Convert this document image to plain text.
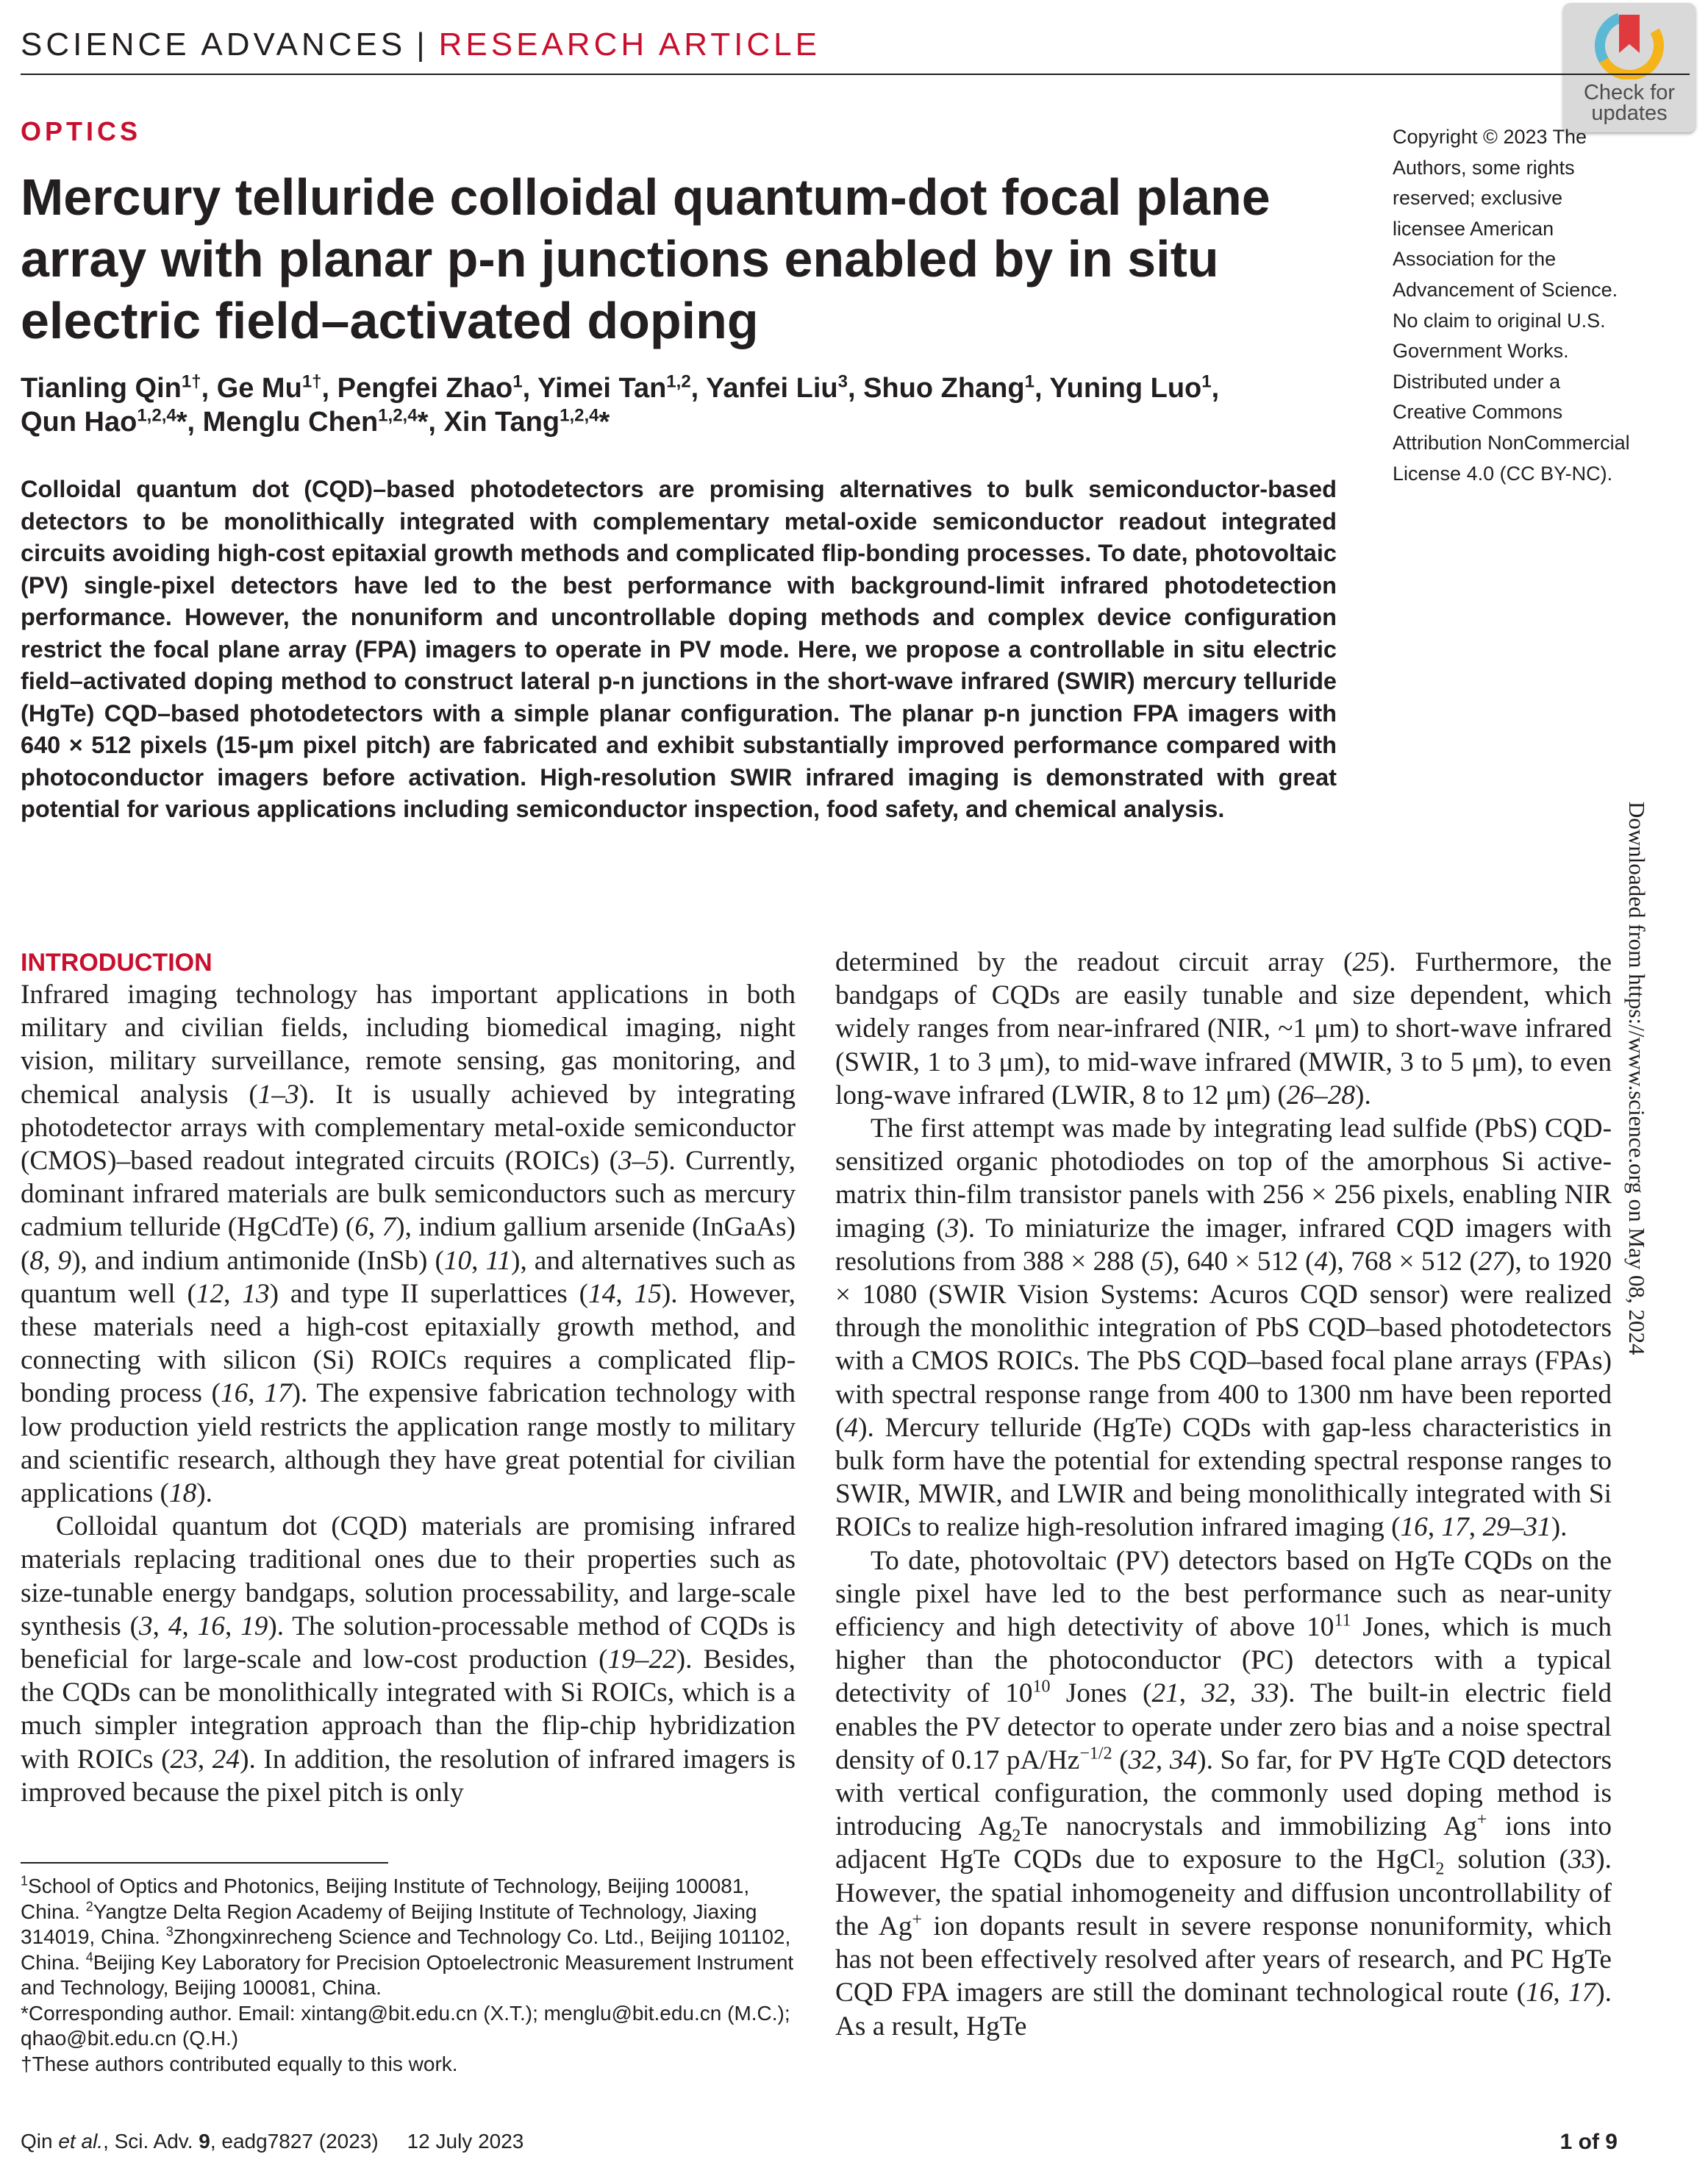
SCIENCE ADVANCES | RESEARCH ARTICLE
Check for
updates
OPTICS
Mercury telluride colloidal quantum-dot focal plane array with planar p-n junctions enabled by in situ electric field–activated doping
Tianling Qin$^{1\dagger}$, Ge $Mu^{1\dagger}$, Pengfei Zhao$^1$, Yimei Tan$^{1,2}$, Yanfei Liu$^3$, Shuo Zhang$^1$, Yuning Luo$^1$,
Qun Hao$^{1,2,4}$*, Menglu Chen$^{1,2,4}$*, Xin Tang$^{1,2,4}$*
Copyright © 2023 The Authors, some rights reserved; exclusive licensee American Association for the Advancement of Science. No claim to original U.S. Government Works. Distributed under a Creative Commons Attribution NonCommercial License 4.0 (CC BY-NC).
Colloidal quantum dot (CQD)–based photodetectors are promising alternatives to bulk semiconductor-based detectors to be monolithically integrated with complementary metal-oxide semiconductor readout integrated circuits avoiding high-cost epitaxial growth methods and complicated flip-bonding processes. To date, photovoltaic (PV) single-pixel detectors have led to the best performance with background-limit infrared photodetection performance. However, the nonuniform and uncontrollable doping methods and complex device configuration restrict the focal plane array (FPA) imagers to operate in PV mode. Here, we propose a controllable in situ electric field–activated doping method to construct lateral p-n junctions in the short-wave infrared (SWIR) mercury telluride (HgTe) CQD–based photodetectors with a simple planar configuration. The planar p-n junction FPA imagers with 640 × 512 pixels (15-μm pixel pitch) are fabricated and exhibit substantially improved performance compared with photoconductor imagers before activation. High-resolution SWIR infrared imaging is demonstrated with great potential for various applications including semiconductor inspection, food safety, and chemical analysis.	Downloaded from https://www.science.org on May 08, 2024
INTRODUCTION

Infrared imaging technology has important applications in both military and civilian fields, including biomedical imaging, night vision, military surveillance, remote sensing, gas monitoring, and chemical analysis (1–3). It is usually achieved by integrating photodetector arrays with complementary metal-oxide semiconductor (CMOS)–based readout integrated circuits (ROICs) (3–5). Currently, dominant infrared materials are bulk semiconductors such as mercury cadmium telluride (HgCdTe) (6, 7), indium gallium arsenide (InGaAs) (8, 9), and indium antimonide (InSb) (10, 11), and alternatives such as quantum well (12, 13) and type II superlattices (14, 15). However, these materials need a high-cost epitaxially growth method, and connecting with silicon (Si) ROICs requires a complicated flip-bonding process (16, 17). The expensive fabrication technology with low production yield restricts the application range mostly to military and scientific research, although they have great potential for civilian applications (18).

Colloidal quantum dot (CQD) materials are promising infrared materials replacing traditional ones due to their properties such as size-tunable energy bandgaps, solution processability, and large-scale synthesis (3, 4, 16, 19). The solution-processable method of CQDs is beneficial for large-scale and low-cost production (19–22). Besides, the CQDs can be monolithically integrated with Si ROICs, which is a much simpler integration approach than the flip-chip hybridization with ROICs (23, 24). In addition, the resolution of infrared imagers is improved because the pixel pitch is only

determined by the readout circuit array (25). Furthermore, the bandgaps of CQDs are easily tunable and size dependent, which widely ranges from near-infrared (NIR, ~1 μm) to short-wave infrared (SWIR, 1 to 3 μm), to mid-wave infrared (MWIR, 3 to 5 μm), to even long-wave infrared (LWIR, 8 to 12 μm) (26–28).

The first attempt was made by integrating lead sulfide (PbS) CQD-sensitized organic photodiodes on top of the amorphous Si active-matrix thin-film transistor panels with 256 × 256 pixels, enabling NIR imaging (3). To miniaturize the imager, infrared CQD imagers with resolutions from 388 × 288 (5), 640 × 512 (4), 768 × 512 (27), to 1920 × 1080 (SWIR Vision Systems: Acuros CQD sensor) were realized through the monolithic integration of PbS CQD–based photodetectors with a CMOS ROICs. The PbS CQD–based focal plane arrays (FPAs) with spectral response range from 400 to 1300 nm have been reported (4). Mercury telluride (HgTe) CQDs with gap-less characteristics in bulk form have the potential for extending spectral response ranges to SWIR, MWIR, and LWIR and being monolithically integrated with Si ROICs to realize high-resolution infrared imaging (16, 17, 29–31).

To date, photovoltaic (PV) detectors based on HgTe CQDs on the single pixel have led to the best performance such as near-unity efficiency and high detectivity of above $10^{11}$ Jones, which is much higher than the photoconductor (PC) detectors with a typical detectivity of $10^{10}$ Jones (21, 32, 33). The built-in electric field enables the PV detector to operate under zero bias and a noise spectral density of 0.17 $pA/Hz^{-1/2}$ (32, 34). So far, for PV HgTe CQD detectors with vertical configuration, the commonly used doping method is introducing $Ag_2Te$ nanocrystals and immobilizing Ag+ ions into adjacent HgTe CQDs due to exposure to the HgCl$_2$ solution (33). However, the spatial inhomogeneity and diffusion uncontrollability of the Ag+ ion dopants result in severe response nonuniformity, which has not been effectively resolved after years of research, and PC HgTe CQD FPA imagers are still the dominant technological route (16, 17). As a result, HgTe

$^1$School of Optics and Photonics, Beijing Institute of Technology, Beijing 100081, China. $^2$Yangtze Delta Region Academy of Beijing Institute of Technology, Jiaxing 314019, China. $^3$Zhongxinrecheng Science and Technology Co. Ltd., Beijing 101102, China. $^4$Beijing Key Laboratory for Precision Optoelectronic Measurement Instrument and Technology, Beijing 100081, China.

*Corresponding author. Email: xintang@bit.edu.cn (X.T.); menglu@bit.edu.cn (M.C.); qhao@bit.edu.cn (Q.H.)

†These authors contributed equally to this work.

Qin et al., Sci. Adv. 9, eadg7827 (2023)     12 July 2023	1 of 9
